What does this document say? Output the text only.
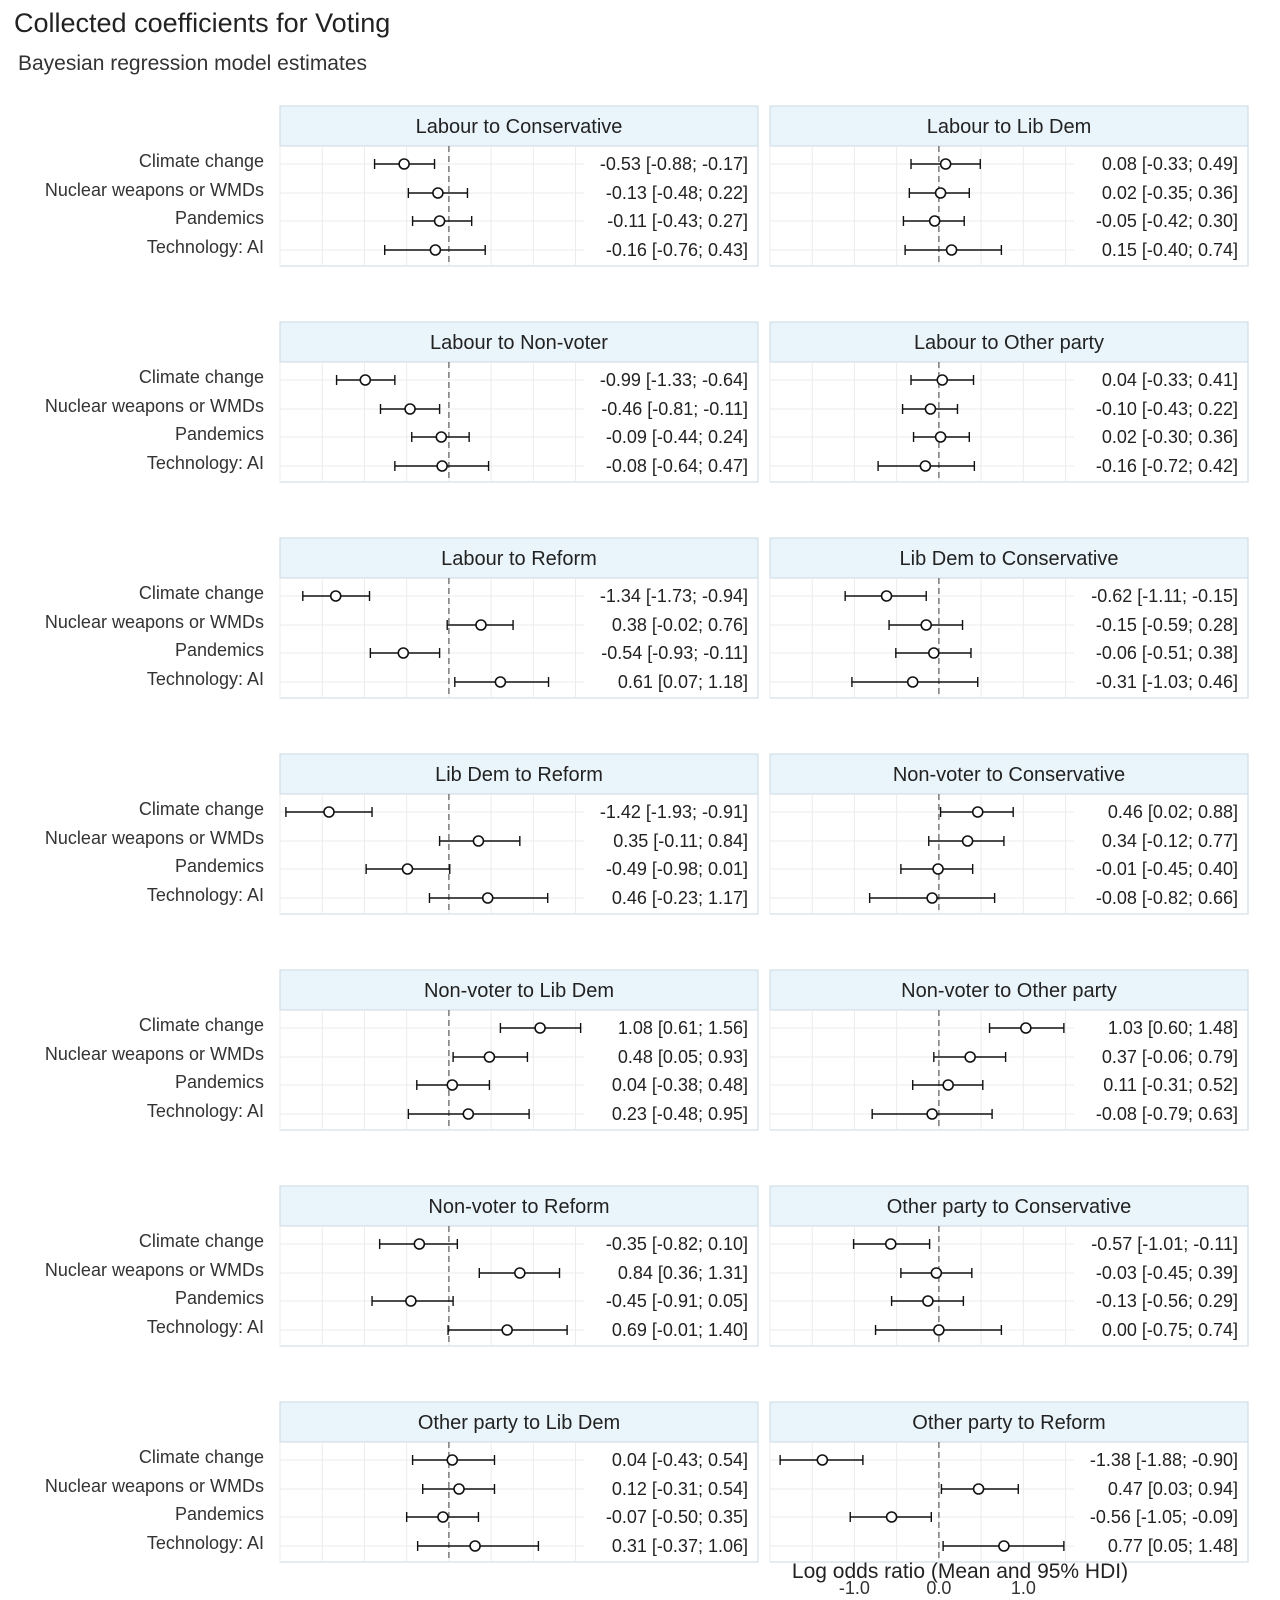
Collected coefficients for Voting
Bayesian regression model estimates
Labour to Conservative
-0.53 [-0.88; -0.17]
Climate change
-0.13 [-0.48; 0.22]
Nuclear weapons or WMDs
-0.11 [-0.43; 0.27]
Pandemics
-0.16 [-0.76; 0.43]
Technology: AI
Labour to Lib Dem
0.08 [-0.33; 0.49]
0.02 [-0.35; 0.36]
-0.05 [-0.42; 0.30]
0.15 [-0.40; 0.74]
Labour to Non-voter
-0.99 [-1.33; -0.64]
Climate change
-0.46 [-0.81; -0.11]
Nuclear weapons or WMDs
-0.09 [-0.44; 0.24]
Pandemics
-0.08 [-0.64; 0.47]
Technology: AI
Labour to Other party
0.04 [-0.33; 0.41]
-0.10 [-0.43; 0.22]
0.02 [-0.30; 0.36]
-0.16 [-0.72; 0.42]
Labour to Reform
-1.34 [-1.73; -0.94]
Climate change
0.38 [-0.02; 0.76]
Nuclear weapons or WMDs
-0.54 [-0.93; -0.11]
Pandemics
0.61 [0.07; 1.18]
Technology: AI
Lib Dem to Conservative
-0.62 [-1.11; -0.15]
-0.15 [-0.59; 0.28]
-0.06 [-0.51; 0.38]
-0.31 [-1.03; 0.46]
Lib Dem to Reform
-1.42 [-1.93; -0.91]
Climate change
0.35 [-0.11; 0.84]
Nuclear weapons or WMDs
-0.49 [-0.98; 0.01]
Pandemics
0.46 [-0.23; 1.17]
Technology: AI
Non-voter to Conservative
0.46 [0.02; 0.88]
0.34 [-0.12; 0.77]
-0.01 [-0.45; 0.40]
-0.08 [-0.82; 0.66]
Non-voter to Lib Dem
1.08 [0.61; 1.56]
Climate change
0.48 [0.05; 0.93]
Nuclear weapons or WMDs
0.04 [-0.38; 0.48]
Pandemics
0.23 [-0.48; 0.95]
Technology: AI
Non-voter to Other party
1.03 [0.60; 1.48]
0.37 [-0.06; 0.79]
0.11 [-0.31; 0.52]
-0.08 [-0.79; 0.63]
Non-voter to Reform
-0.35 [-0.82; 0.10]
Climate change
0.84 [0.36; 1.31]
Nuclear weapons or WMDs
-0.45 [-0.91; 0.05]
Pandemics
0.69 [-0.01; 1.40]
Technology: AI
Other party to Conservative
-0.57 [-1.01; -0.11]
-0.03 [-0.45; 0.39]
-0.13 [-0.56; 0.29]
0.00 [-0.75; 0.74]
Other party to Lib Dem
0.04 [-0.43; 0.54]
Climate change
0.12 [-0.31; 0.54]
Nuclear weapons or WMDs
-0.07 [-0.50; 0.35]
Pandemics
0.31 [-0.37; 1.06]
Technology: AI
Other party to Reform
-1.38 [-1.88; -0.90]
0.47 [0.03; 0.94]
-0.56 [-1.05; -0.09]
0.77 [0.05; 1.48]
-1.0	0.0	1.0
Log odds ratio (Mean and 95% HDI)
